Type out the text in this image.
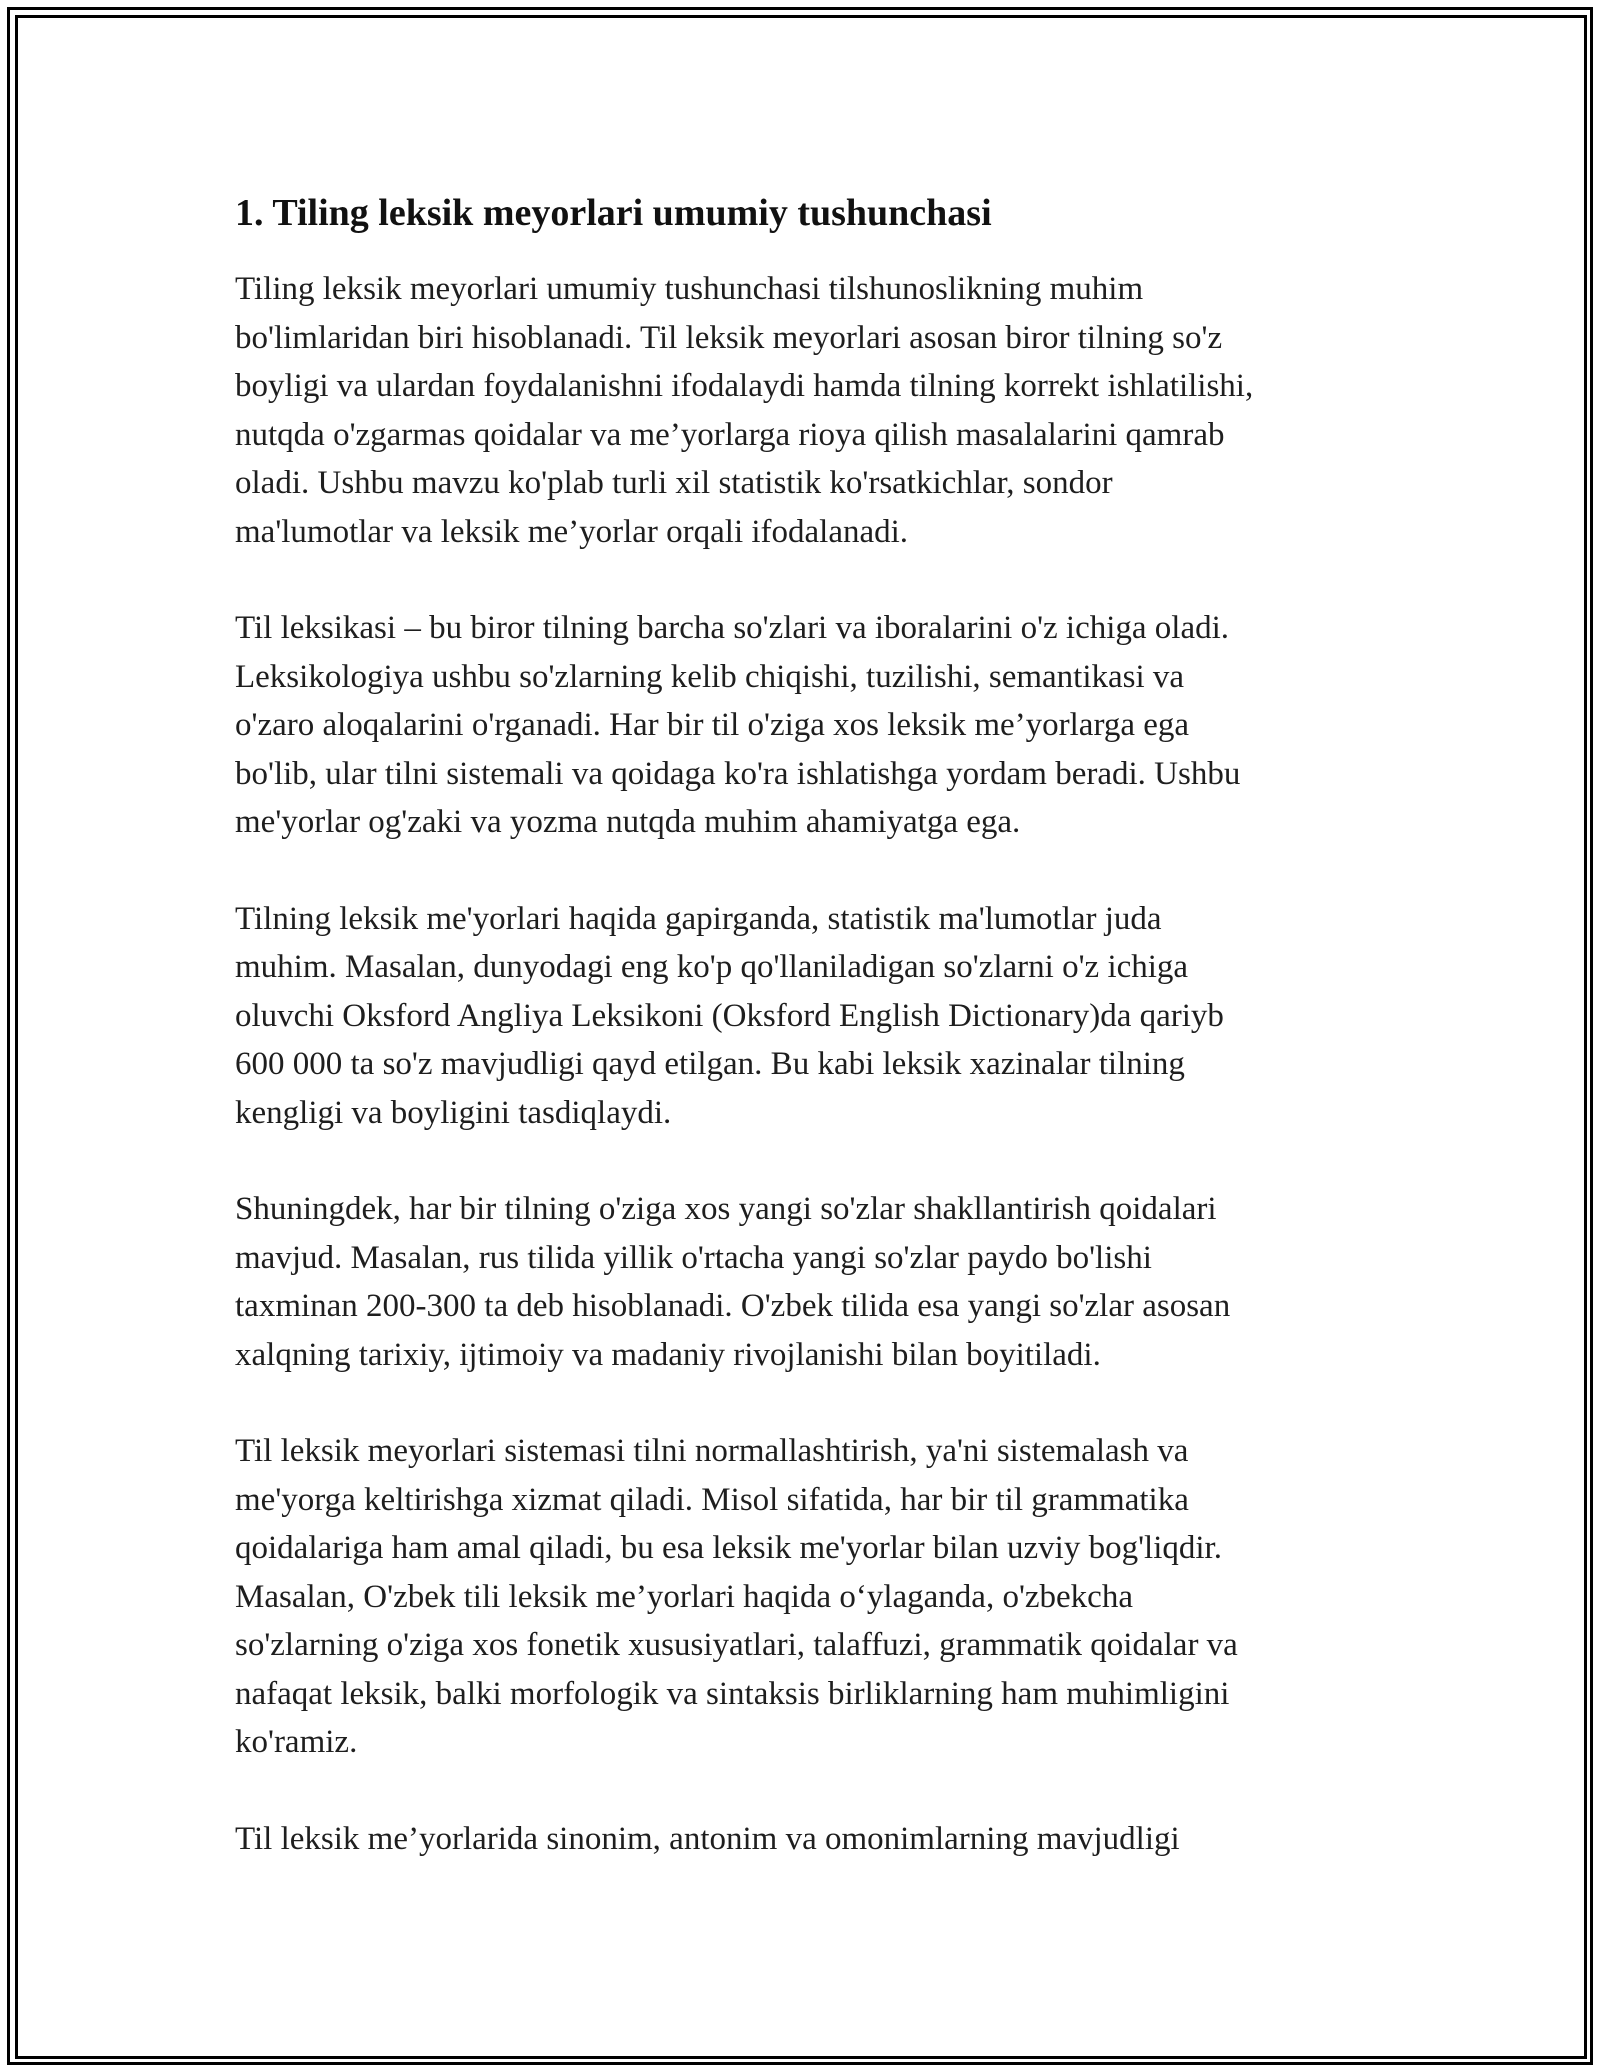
1. Tiling leksik meyorlari umumiy tushunchasi

Tiling leksik meyorlari umumiy tushunchasi tilshunoslikning muhim
bo'limlaridan biri hisoblanadi. Til leksik meyorlari asosan biror tilning so'z
boyligi va ulardan foydalanishni ifodalaydi hamda tilning korrekt ishlatilishi,
nutqda o'zgarmas qoidalar va me’yorlarga rioya qilish masalalarini qamrab
oladi. Ushbu mavzu ko'plab turli xil statistik ko'rsatkichlar, sondor
ma'lumotlar va leksik me’yorlar orqali ifodalanadi.

Til leksikasi – bu biror tilning barcha so'zlari va iboralarini o'z ichiga oladi.
Leksikologiya ushbu so'zlarning kelib chiqishi, tuzilishi, semantikasi va
o'zaro aloqalarini o'rganadi. Har bir til o'ziga xos leksik me’yorlarga ega
bo'lib, ular tilni sistemali va qoidaga ko'ra ishlatishga yordam beradi. Ushbu
me'yorlar og'zaki va yozma nutqda muhim ahamiyatga ega.

Tilning leksik me'yorlari haqida gapirganda, statistik ma'lumotlar juda
muhim. Masalan, dunyodagi eng ko'p qo'llaniladigan so'zlarni o'z ichiga
oluvchi Oksford Angliya Leksikoni (Oksford English Dictionary)da qariyb
600 000 ta so'z mavjudligi qayd etilgan. Bu kabi leksik xazinalar tilning
kengligi va boyligini tasdiqlaydi.

Shuningdek, har bir tilning o'ziga xos yangi so'zlar shakllantirish qoidalari
mavjud. Masalan, rus tilida yillik o'rtacha yangi so'zlar paydo bo'lishi
taxminan 200-300 ta deb hisoblanadi. O'zbek tilida esa yangi so'zlar asosan
xalqning tarixiy, ijtimoiy va madaniy rivojlanishi bilan boyitiladi.

Til leksik meyorlari sistemasi tilni normallashtirish, ya'ni sistemalash va
me'yorga keltirishga xizmat qiladi. Misol sifatida, har bir til grammatika
qoidalariga ham amal qiladi, bu esa leksik me'yorlar bilan uzviy bog'liqdir.
Masalan, O'zbek tili leksik me’yorlari haqida o‘ylaganda, o'zbekcha
so'zlarning o'ziga xos fonetik xususiyatlari, talaffuzi, grammatik qoidalar va
nafaqat leksik, balki morfologik va sintaksis birliklarning ham muhimligini
ko'ramiz.

Til leksik me’yorlarida sinonim, antonim va omonimlarning mavjudligi
